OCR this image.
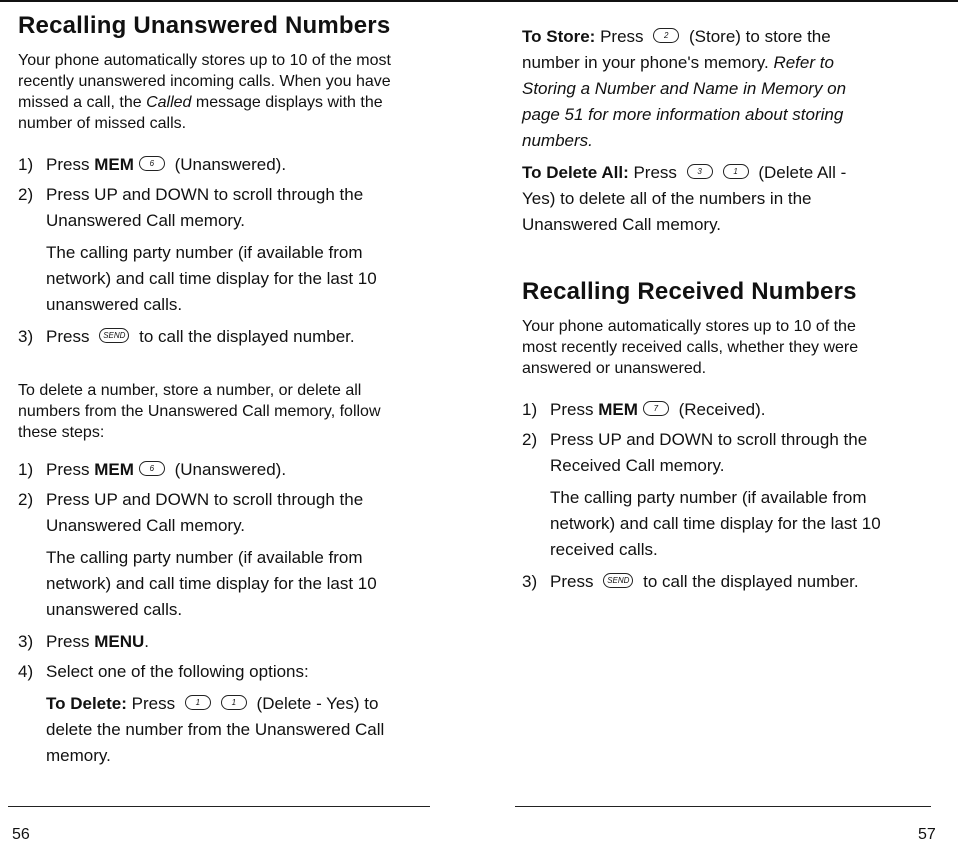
Recalling Unanswered Numbers

Your phone automatically stores up to 10 of the most recently unanswered incoming calls. When you have missed a call, the Called message displays with the number of missed calls.

1) Press MEM 6 (Unanswered).
2) Press UP and DOWN to scroll through the Unanswered Call memory.
The calling party number (if available from network) and call time display for the last 10 unanswered calls.
3) Press SEND to call the displayed number.

To delete a number, store a number, or delete all numbers from the Unanswered Call memory, follow these steps:

1) Press MEM 6 (Unanswered).
2) Press UP and DOWN to scroll through the Unanswered Call memory.
The calling party number (if available from network) and call time display for the last 10 unanswered calls.
3) Press MENU.
4) Select one of the following options:
To Delete: Press 1	1 (Delete - Yes) to delete the number from the Unanswered Call memory.
56
To Store: Press 2 (Store) to store the number in your phone's memory. Refer to Storing a Number and Name in Memory on page 51 for more information about storing numbers.
To Delete All: Press 3	1 (Delete All - Yes) to delete all of the numbers in the Unanswered Call memory.
Recalling Received Numbers

Your phone automatically stores up to 10 of the most recently received calls, whether they were answered or unanswered.

1) Press MEM 7 (Received).
2) Press UP and DOWN to scroll through the Received Call memory.
The calling party number (if available from network) and call time display for the last 10 received calls.
3) Press SEND to call the displayed number.
57
